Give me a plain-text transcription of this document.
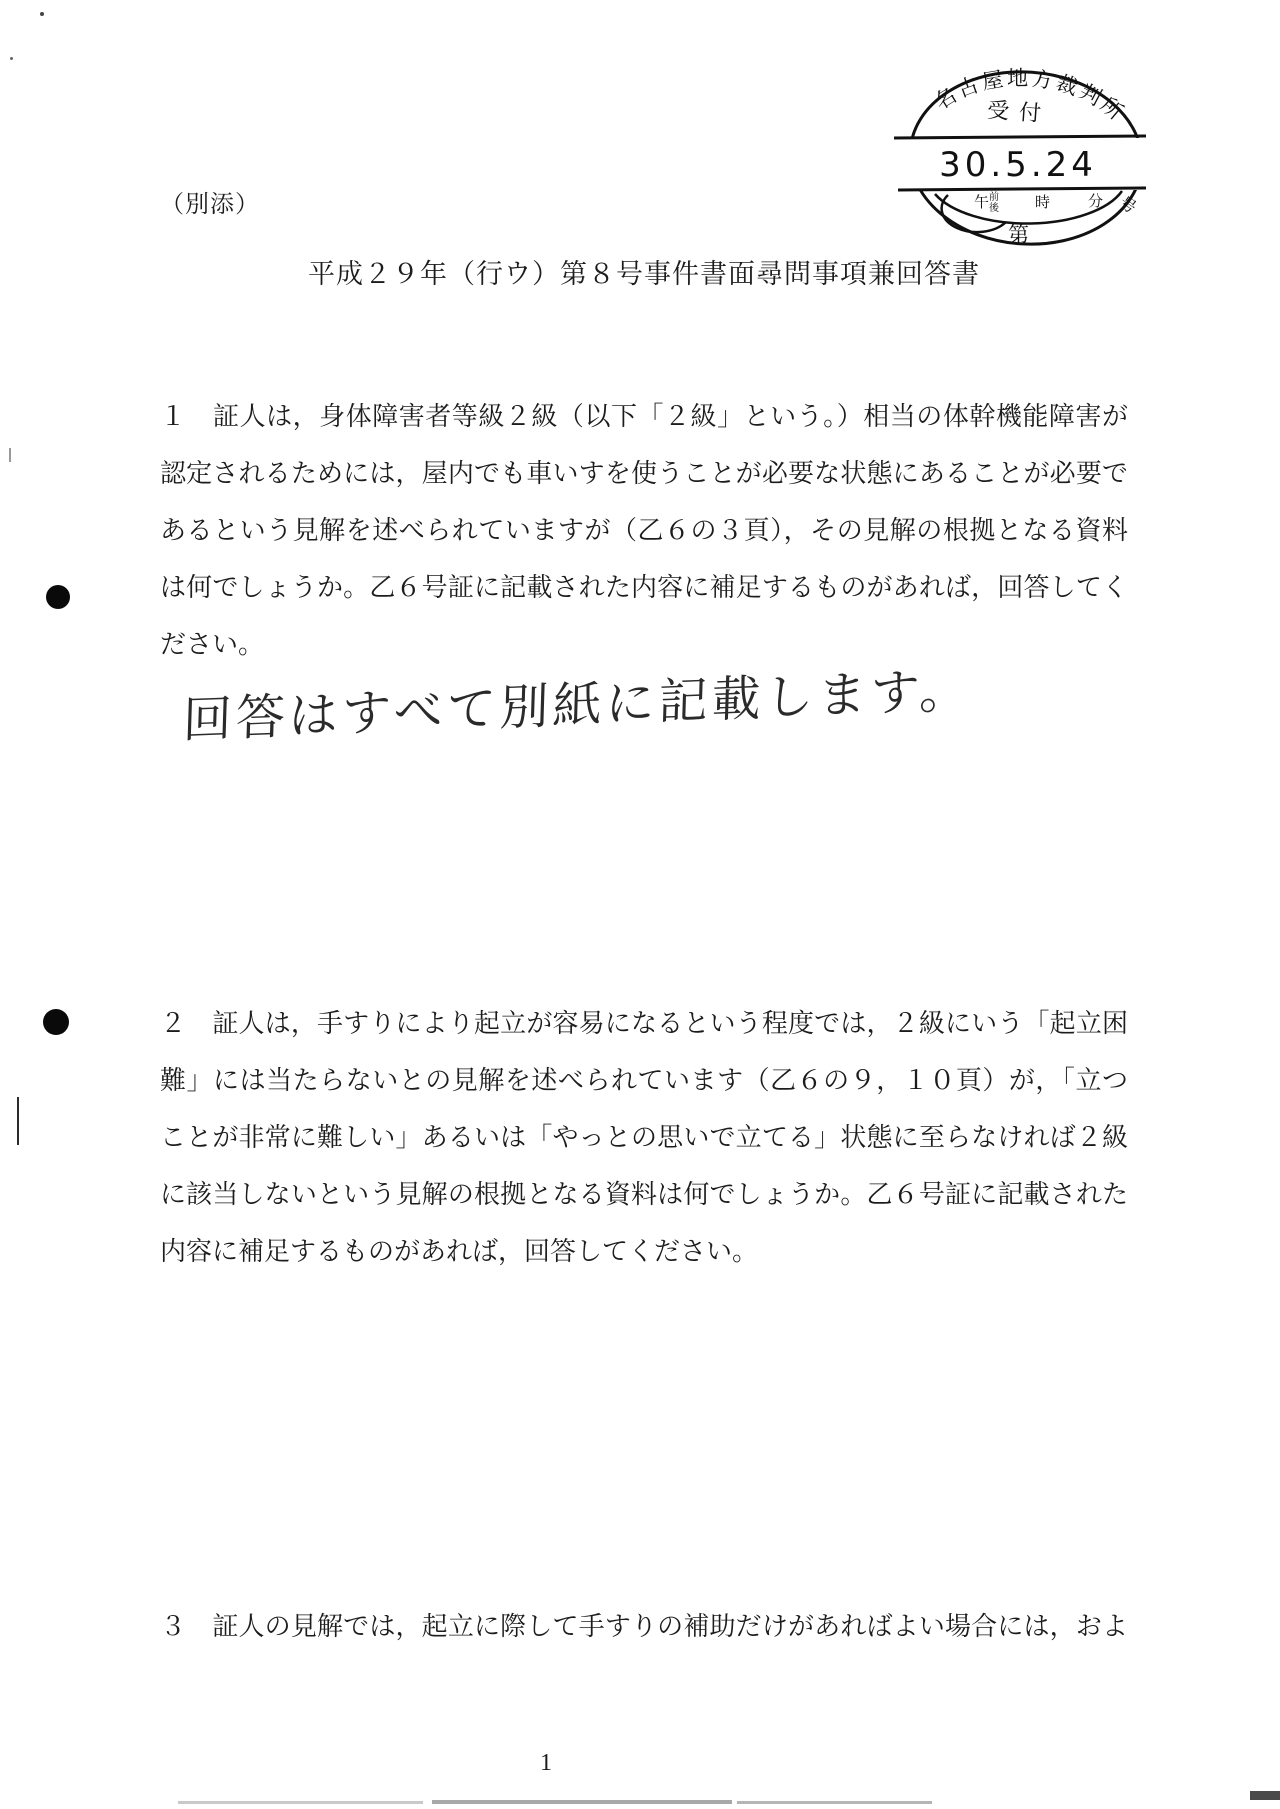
名古屋地方裁判所
受付
30.5.24
午 前
後 時	分 号
第
（別添）
平成２９年（行ウ）第８号事件書面尋問事項兼回答書
１　証人は，身体障害者等級２級（以下「２級」という。）相当の体幹機能障害が
認定されるためには，屋内でも車いすを使うことが必要な状態にあることが必要で
あるという見解を述べられていますが（乙６の３頁），その見解の根拠となる資料
は何でしょうか。乙６号証に記載された内容に補足するものがあれば，回答してく
ださい。
回答はすべて別紙に記載します。
２　証人は，手すりにより起立が容易になるという程度では，２級にいう「起立困
難」には当たらないとの見解を述べられています（乙６の９，１０頁）が，「立つ
ことが非常に難しい」あるいは「やっとの思いで立てる」状態に至らなければ２級
に該当しないという見解の根拠となる資料は何でしょうか。乙６号証に記載された
内容に補足するものがあれば，回答してください。
３　証人の見解では，起立に際して手すりの補助だけがあればよい場合には，およ
1
